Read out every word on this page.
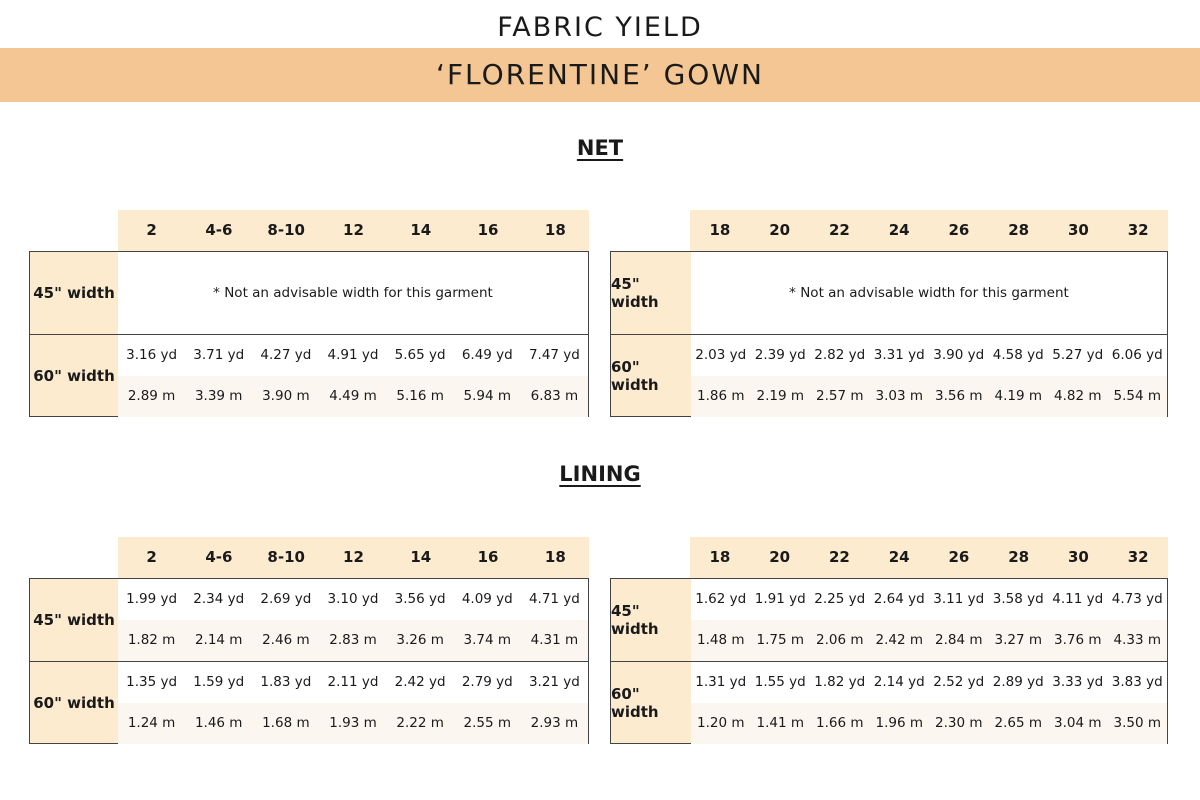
FABRIC YIELD
‘FLORENTINE’ GOWN
NET
2	4-6	8-10	12	14	16	18
45" width	* Not an advisable width for this garment
60" width
3.16 yd	3.71 yd	4.27 yd	4.91 yd	5.65 yd	6.49 yd	7.47 yd
2.89 m	3.39 m	3.90 m	4.49 m	5.16 m	5.94 m	6.83 m
18	20	22	24	26	28	30	32
45" width	* Not an advisable width for this garment
60" width
2.03 yd 2.39 yd 2.82 yd 3.31 yd 3.90 yd 4.58 yd 5.27 yd 6.06 yd
1.86 m 2.19 m 2.57 m 3.03 m 3.56 m 4.19 m 4.82 m 5.54 m
LINING
2	4-6	8-10	12	14	16	18
45" width
1.99 yd	2.34 yd	2.69 yd	3.10 yd	3.56 yd	4.09 yd	4.71 yd
1.82 m	2.14 m	2.46 m	2.83 m	3.26 m	3.74 m	4.31 m
60" width
1.35 yd	1.59 yd	1.83 yd	2.11 yd	2.42 yd	2.79 yd	3.21 yd
1.24 m	1.46 m	1.68 m	1.93 m	2.22 m	2.55 m	2.93 m
18	20	22	24	26	28	30	32
45" width
1.62 yd 1.91 yd 2.25 yd 2.64 yd 3.11 yd 3.58 yd 4.11 yd 4.73 yd
1.48 m 1.75 m 2.06 m 2.42 m 2.84 m 3.27 m 3.76 m 4.33 m
60" width
1.31 yd 1.55 yd 1.82 yd 2.14 yd 2.52 yd 2.89 yd 3.33 yd 3.83 yd
1.20 m 1.41 m 1.66 m 1.96 m 2.30 m 2.65 m 3.04 m 3.50 m
